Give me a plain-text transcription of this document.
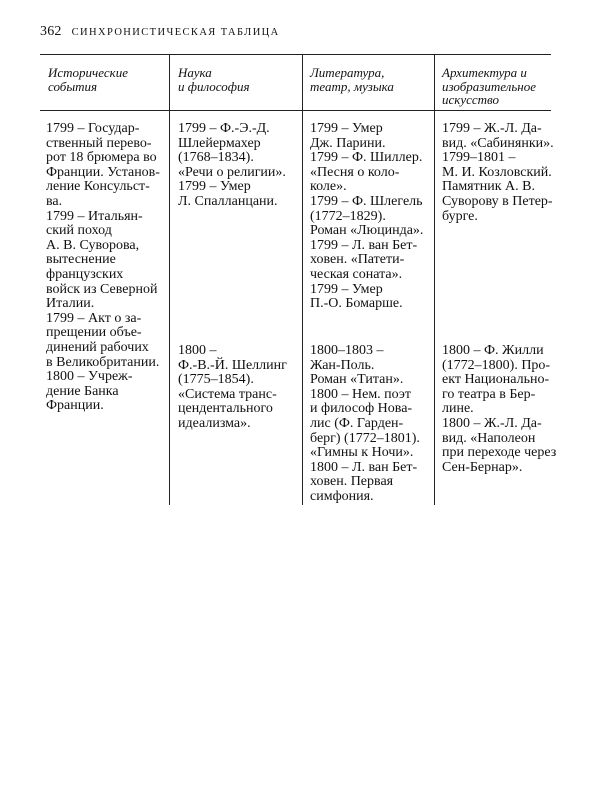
362 СИНХРОНИСТИЧЕСКАЯ ТАБЛИЦА
Исторические
события
Наука
и философия
Литература,
театр, музыка
Архитектура и
изобразительное
искусство
1799 – Государ-
ственный перево-
рот 18 брюмера во
Франции. Установ-
ление Консульст-
ва.
1799 – Итальян-
ский поход
А. В. Суворова,
вытеснение
французских
войск из Северной
Италии.
1799 – Акт о за-
прещении объе-
динений рабочих
в Великобритании.
1800 – Учреж-
дение Банка
Франции.
1799 – Ф.-Э.-Д.
Шлейермахер
(1768–1834).
«Речи о религии».
1799 – Умер
Л. Спалланцани.
1799 – Умер
Дж. Парини.
1799 – Ф. Шиллер.
«Песня о коло-
коле».
1799 – Ф. Шлегель
(1772–1829).
Роман «Люцинда».
1799 – Л. ван Бет-
ховен. «Патети-
ческая соната».
1799 – Умер
П.-О. Бомарше.
1799 – Ж.-Л. Да-
вид. «Сабинянки».
1799–1801 –
М. И. Козловский.
Памятник А. В.
Суворову в Петер-
бурге.
1800 –
Ф.-В.-Й. Шеллинг
(1775–1854).
«Система транс-
цендентального
идеализма».
1800–1803 –
Жан-Поль.
Роман «Титан».
1800 – Нем. поэт
и философ Нова-
лис (Ф. Гарден-
берг) (1772–1801).
«Гимны к Ночи».
1800 – Л. ван Бет-
ховен. Первая
симфония.
1800 – Ф. Жилли
(1772–1800). Про-
ект Национально-
го театра в Бер-
лине.
1800 – Ж.-Л. Да-
вид. «Наполеон
при переходе через
Сен-Бернар».
